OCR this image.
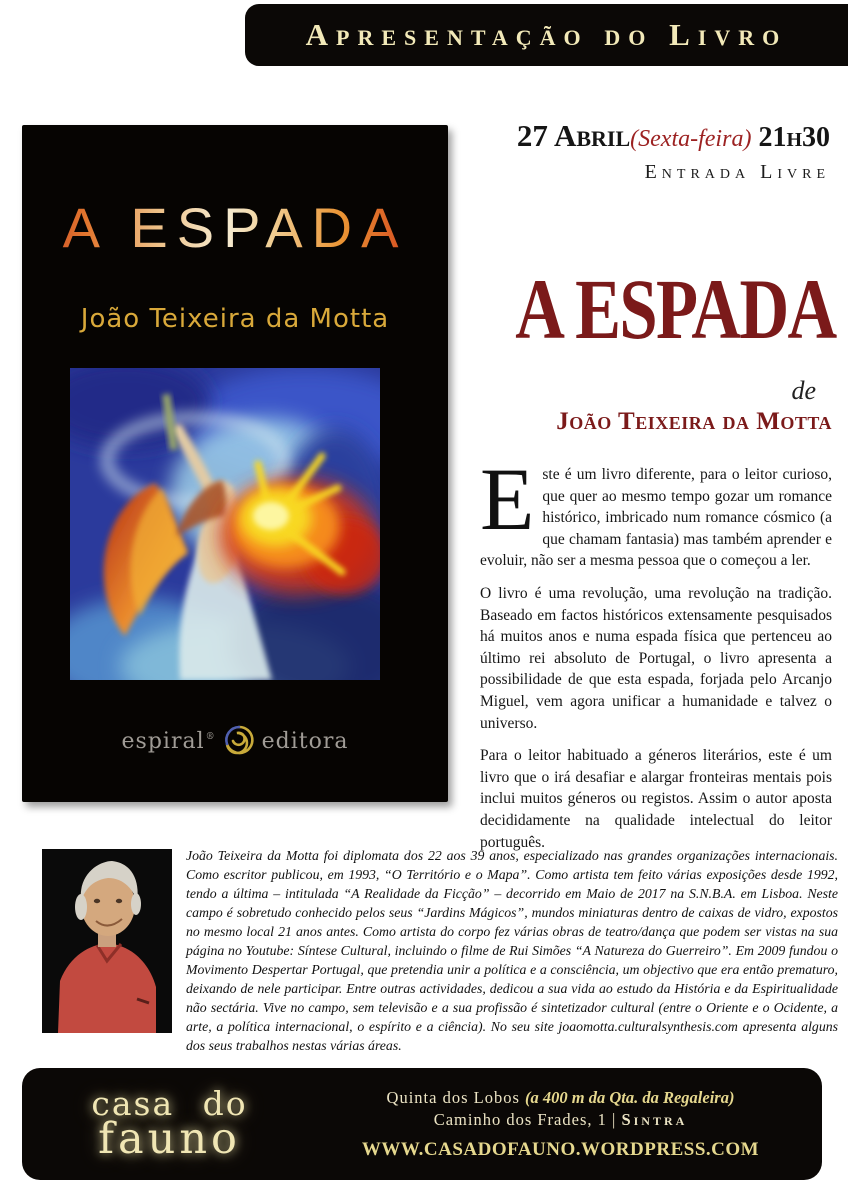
Apresentação do Livro
A ESPADA
João Teixeira da Motta
espiral® editora
27 Abril(Sexta-feira) 21h30
Entrada Livre
A ESPADA
de
João Teixeira da Motta

Este é um livro diferente, para o leitor curioso, que quer ao mesmo tempo gozar um romance histórico, imbricado num romance cósmico (a que chamam fantasia) mas também aprender e evoluir, não ser a mesma pessoa que o começou a ler.

O livro é uma revolução, uma revolução na tradição. Baseado em factos históricos extensamente pesquisados há muitos anos e numa espada física que pertenceu ao último rei absoluto de Portugal, o livro apresenta a possibilidade de que esta espada, forjada pelo Arcanjo Miguel, vem agora unificar a humanidade e talvez o universo.

Para o leitor habituado a géneros literários, este é um livro que o irá desafiar e alargar fronteiras mentais pois inclui muitos géneros ou registos. Assim o autor aposta decididamente na qualidade intelectual do leitor português.

João Teixeira da Motta foi diplomata dos 22 aos 39 anos, especializado nas grandes organizações internacionais. Como escritor publicou, em 1993, “O Território e o Mapa”. Como artista tem feito várias exposições desde 1992, tendo a última – intitulada “A Realidade da Ficção” – decorrido em Maio de 2017 na S.N.B.A. em Lisboa. Neste campo é sobretudo conhecido pelos seus “Jardins Mágicos”, mundos miniaturas dentro de caixas de vidro, expostos no mesmo local 21 anos antes. Como artista do corpo fez várias obras de teatro/dança que podem ser vistas na sua página no Youtube: Síntese Cultural, incluindo o filme de Rui Simões “A Natureza do Guerreiro”. Em 2009 fundou o Movimento Despertar Portugal, que pretendia unir a política e a consciência, um objectivo que era então prematuro, deixando de nele participar. Entre outras actividades, dedicou a sua vida ao estudo da História e da Espiritualidade não sectária. Vive no campo, sem televisão e a sua profissão é sintetizador cultural (entre o Oriente e o Ocidente, a arte, a política internacional, o espírito e a ciência). No seu site joaomotta.culturalsynthesis.com apresenta alguns dos seus trabalhos nestas várias áreas.

casa do
fauno
Quinta dos Lobos (a 400 m da Qta. da Regaleira)
Caminho dos Frades, 1 | Sintra
WWW.CASADOFAUNO.WORDPRESS.COM
